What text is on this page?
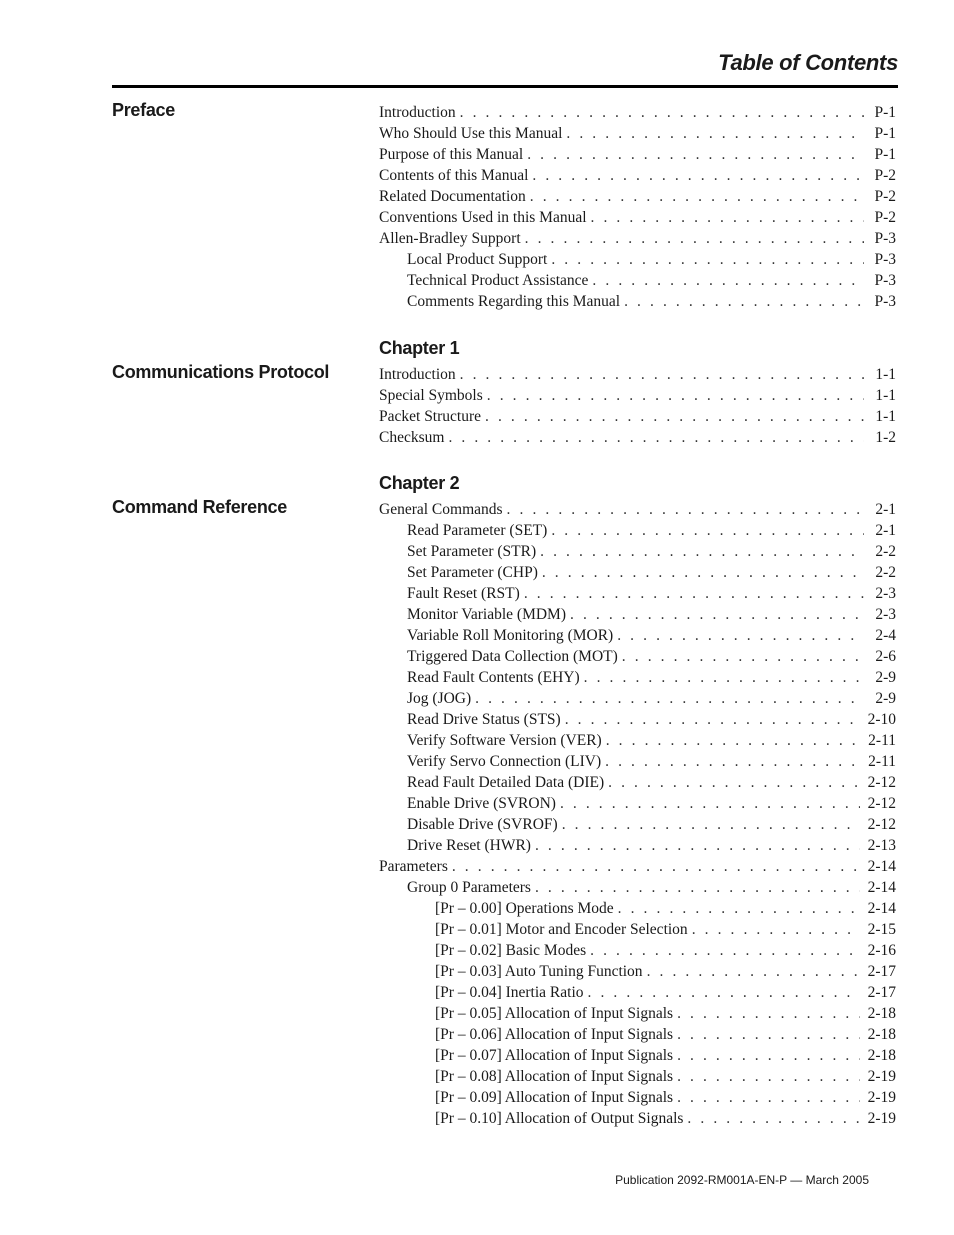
Table of Contents
Preface	Introduction . . .	P-1
Who Should Use this Manual . . .	P-1
Purpose of this Manual . . .	P-1
Contents of this Manual . . .	P-2
Related Documentation . . .	P-2
Conventions Used in this Manual . . .	P-2
Allen-Bradley Support . . .	P-3
Local Product Support . . .	P-3
Technical Product Assistance . . .	P-3
Comments Regarding this Manual . . .	P-3
Chapter 1
Communications Protocol	Introduction . . .	1-1
Special Symbols . . .	1-1
Packet Structure . . .	1-1
Checksum . . .	1-2
Chapter 2
Command Reference	General Commands . . .	2-1
Read Parameter (SET) . . .	2-1
Set Parameter (STR) . . .	2-2
Set Parameter (CHP) . . .	2-2
Fault Reset (RST) . . .	2-3
Monitor Variable (MDM) . . .	2-3
Variable Roll Monitoring (MOR) . . .	2-4
Triggered Data Collection (MOT) . . .	2-6
Read Fault Contents (EHY) . . .	2-9
Jog (JOG) . . .	2-9
Read Drive Status (STS) . . .	2-10
Verify Software Version (VER) . . .	2-11
Verify Servo Connection (LIV) . . .	2-11
Read Fault Detailed Data (DIE) . . .	2-12
Enable Drive (SVRON) . . .	2-12
Disable Drive (SVROF) . . .	2-12
Drive Reset (HWR) . . .	2-13
Parameters . . .	2-14
Group 0 Parameters . . .	2-14
[Pr – 0.00] Operations Mode . . .	2-14
[Pr – 0.01] Motor and Encoder Selection . . .	2-15
[Pr – 0.02] Basic Modes . . .	2-16
[Pr – 0.03] Auto Tuning Function . . .	2-17
[Pr – 0.04] Inertia Ratio . . .	2-17
[Pr – 0.05] Allocation of Input Signals . . .	2-18
[Pr – 0.06] Allocation of Input Signals . . .	2-18
[Pr – 0.07] Allocation of Input Signals . . .	2-18
[Pr – 0.08] Allocation of Input Signals . . .	2-19
[Pr – 0.09] Allocation of Input Signals . . .	2-19
[Pr – 0.10] Allocation of Output Signals . . .	2-19

Publication 2092-RM001A-EN-P — March 2005
